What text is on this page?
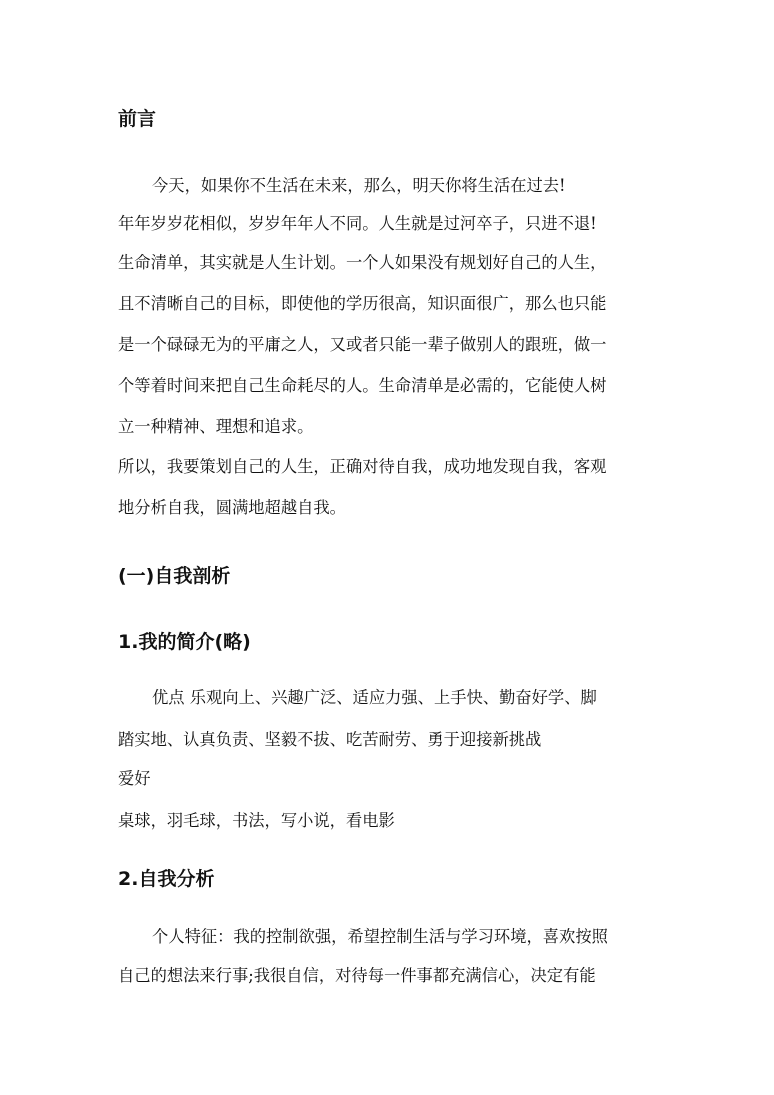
前言

今天，如果你不生活在未来，那么，明天你将生活在过去!

年年岁岁花相似，岁岁年年人不同。人生就是过河卒子，只进不退!

生命清单，其实就是人生计划。一个人如果没有规划好自己的人生，

且不清晰自己的目标，即使他的学历很高，知识面很广，那么也只能

是一个碌碌无为的平庸之人，又或者只能一辈子做别人的跟班，做一

个等着时间来把自己生命耗尽的人。生命清单是必需的，它能使人树

立一种精神、理想和追求。

所以，我要策划自己的人生，正确对待自我，成功地发现自我，客观

地分析自我，圆满地超越自我。

(一)自我剖析
1.我的简介(略)

优点 乐观向上、兴趣广泛、适应力强、上手快、勤奋好学、脚

踏实地、认真负责、坚毅不拔、吃苦耐劳、勇于迎接新挑战

爱好

桌球，羽毛球，书法，写小说，看电影

2.自我分析

个人特征：我的控制欲强，希望控制生活与学习环境，喜欢按照

自己的想法来行事;我很自信，对待每一件事都充满信心，决定有能
